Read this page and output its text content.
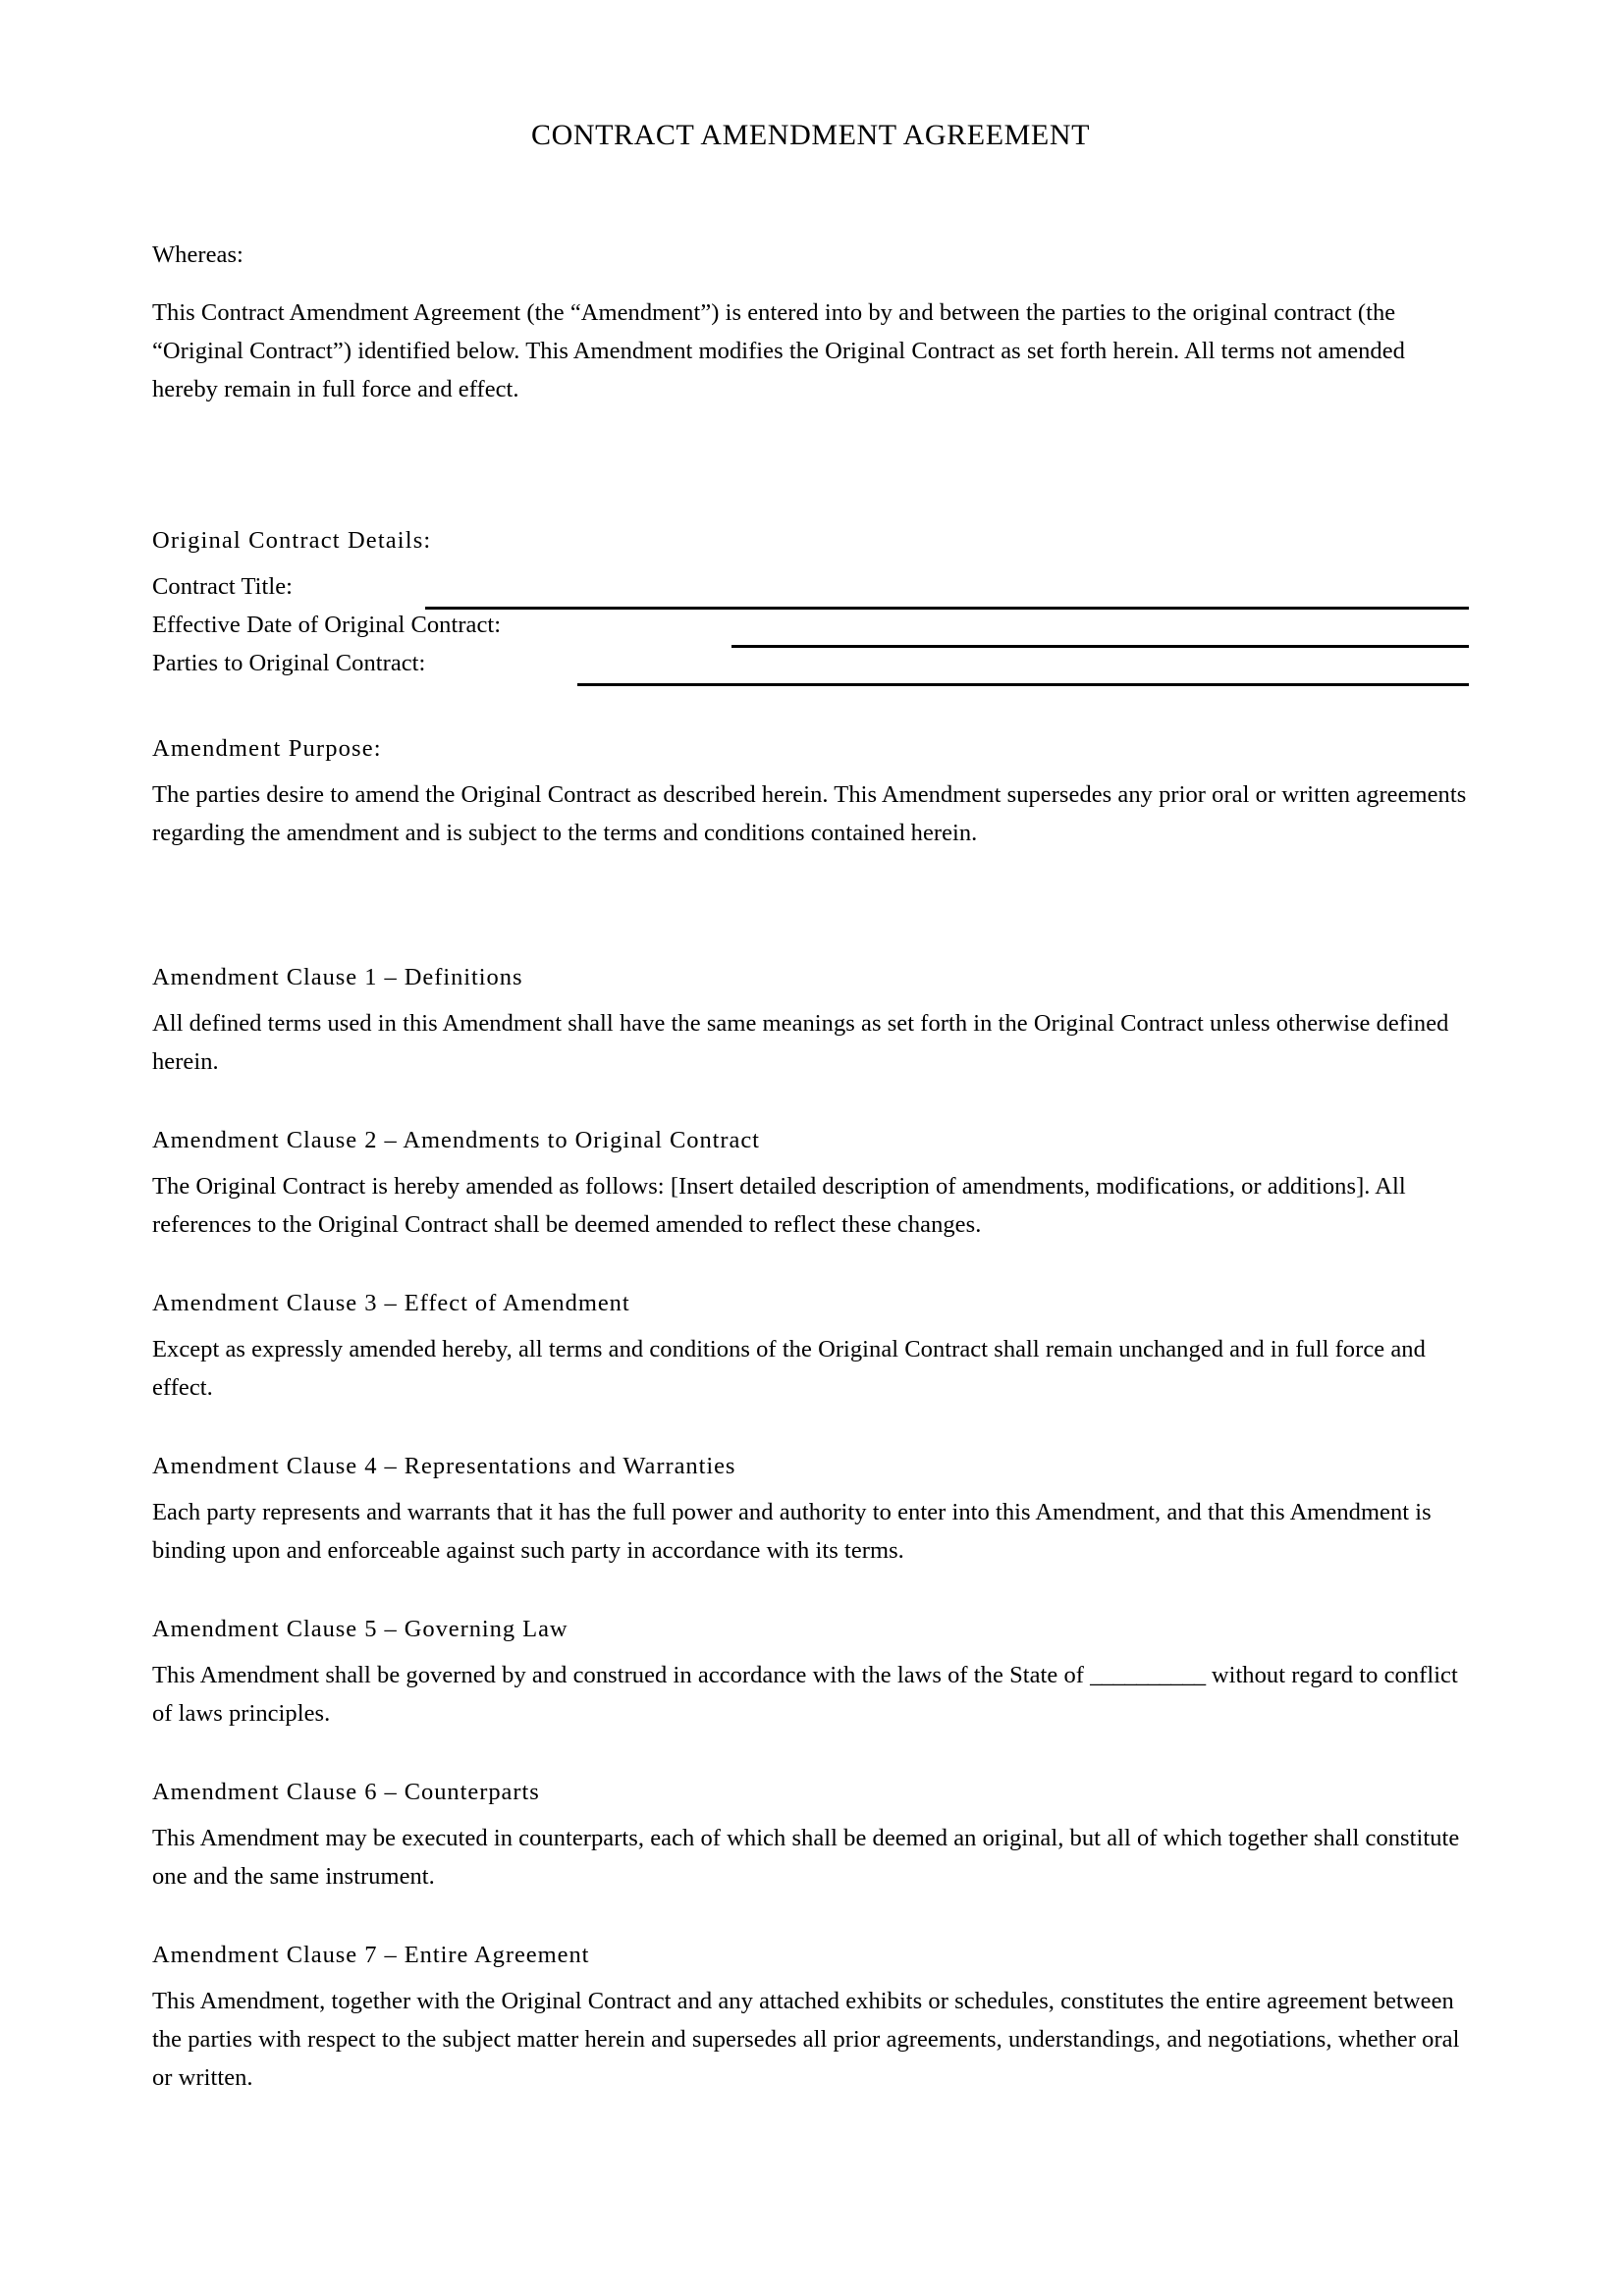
CONTRACT AMENDMENT AGREEMENT

Whereas:

This Contract Amendment Agreement (the “Amendment”) is entered into by and between the parties to the original contract (the “Original Contract”) identified below. This Amendment modifies the Original Contract as set forth herein. All terms not amended hereby remain in full force and effect.

Original Contract Details:

Contract Title:
Effective Date of Original Contract:
Parties to Original Contract:

Amendment Purpose:

The parties desire to amend the Original Contract as described herein. This Amendment supersedes any prior oral or written agreements regarding the amendment and is subject to the terms and conditions contained herein.

Amendment Clause 1 – Definitions

All defined terms used in this Amendment shall have the same meanings as set forth in the Original Contract unless otherwise defined herein.

Amendment Clause 2 – Amendments to Original Contract

The Original Contract is hereby amended as follows: [Insert detailed description of amendments, modifications, or additions]. All references to the Original Contract shall be deemed amended to reflect these changes.

Amendment Clause 3 – Effect of Amendment

Except as expressly amended hereby, all terms and conditions of the Original Contract shall remain unchanged and in full force and effect.

Amendment Clause 4 – Representations and Warranties

Each party represents and warrants that it has the full power and authority to enter into this Amendment, and that this Amendment is binding upon and enforceable against such party in accordance with its terms.

Amendment Clause 5 – Governing Law

This Amendment shall be governed by and construed in accordance with the laws of the State of __________ without regard to conflict of laws principles.

Amendment Clause 6 – Counterparts

This Amendment may be executed in counterparts, each of which shall be deemed an original, but all of which together shall constitute one and the same instrument.

Amendment Clause 7 – Entire Agreement

This Amendment, together with the Original Contract and any attached exhibits or schedules, constitutes the entire agreement between the parties with respect to the subject matter herein and supersedes all prior agreements, understandings, and negotiations, whether oral or written.
